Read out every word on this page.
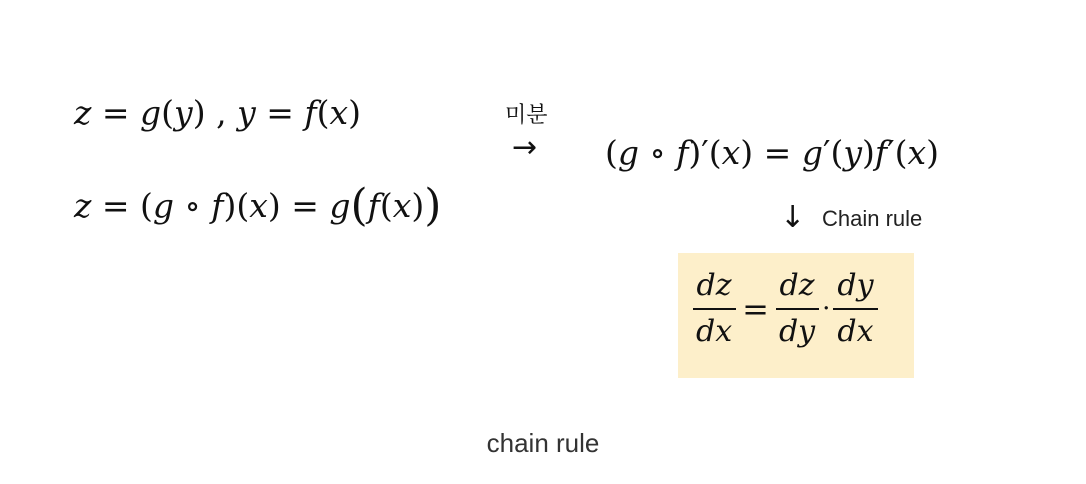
z = g(y) , y = f(x)
z = (g ∘ f)(x) = g(f(x))
미분
→ (g ∘ f)′(x) = g′(y)f′(x)
↓ Chain rule
$\frac{dz}{dx} = \frac{dz}{dy} \cdot \frac{dy}{dx}$
chain rule
